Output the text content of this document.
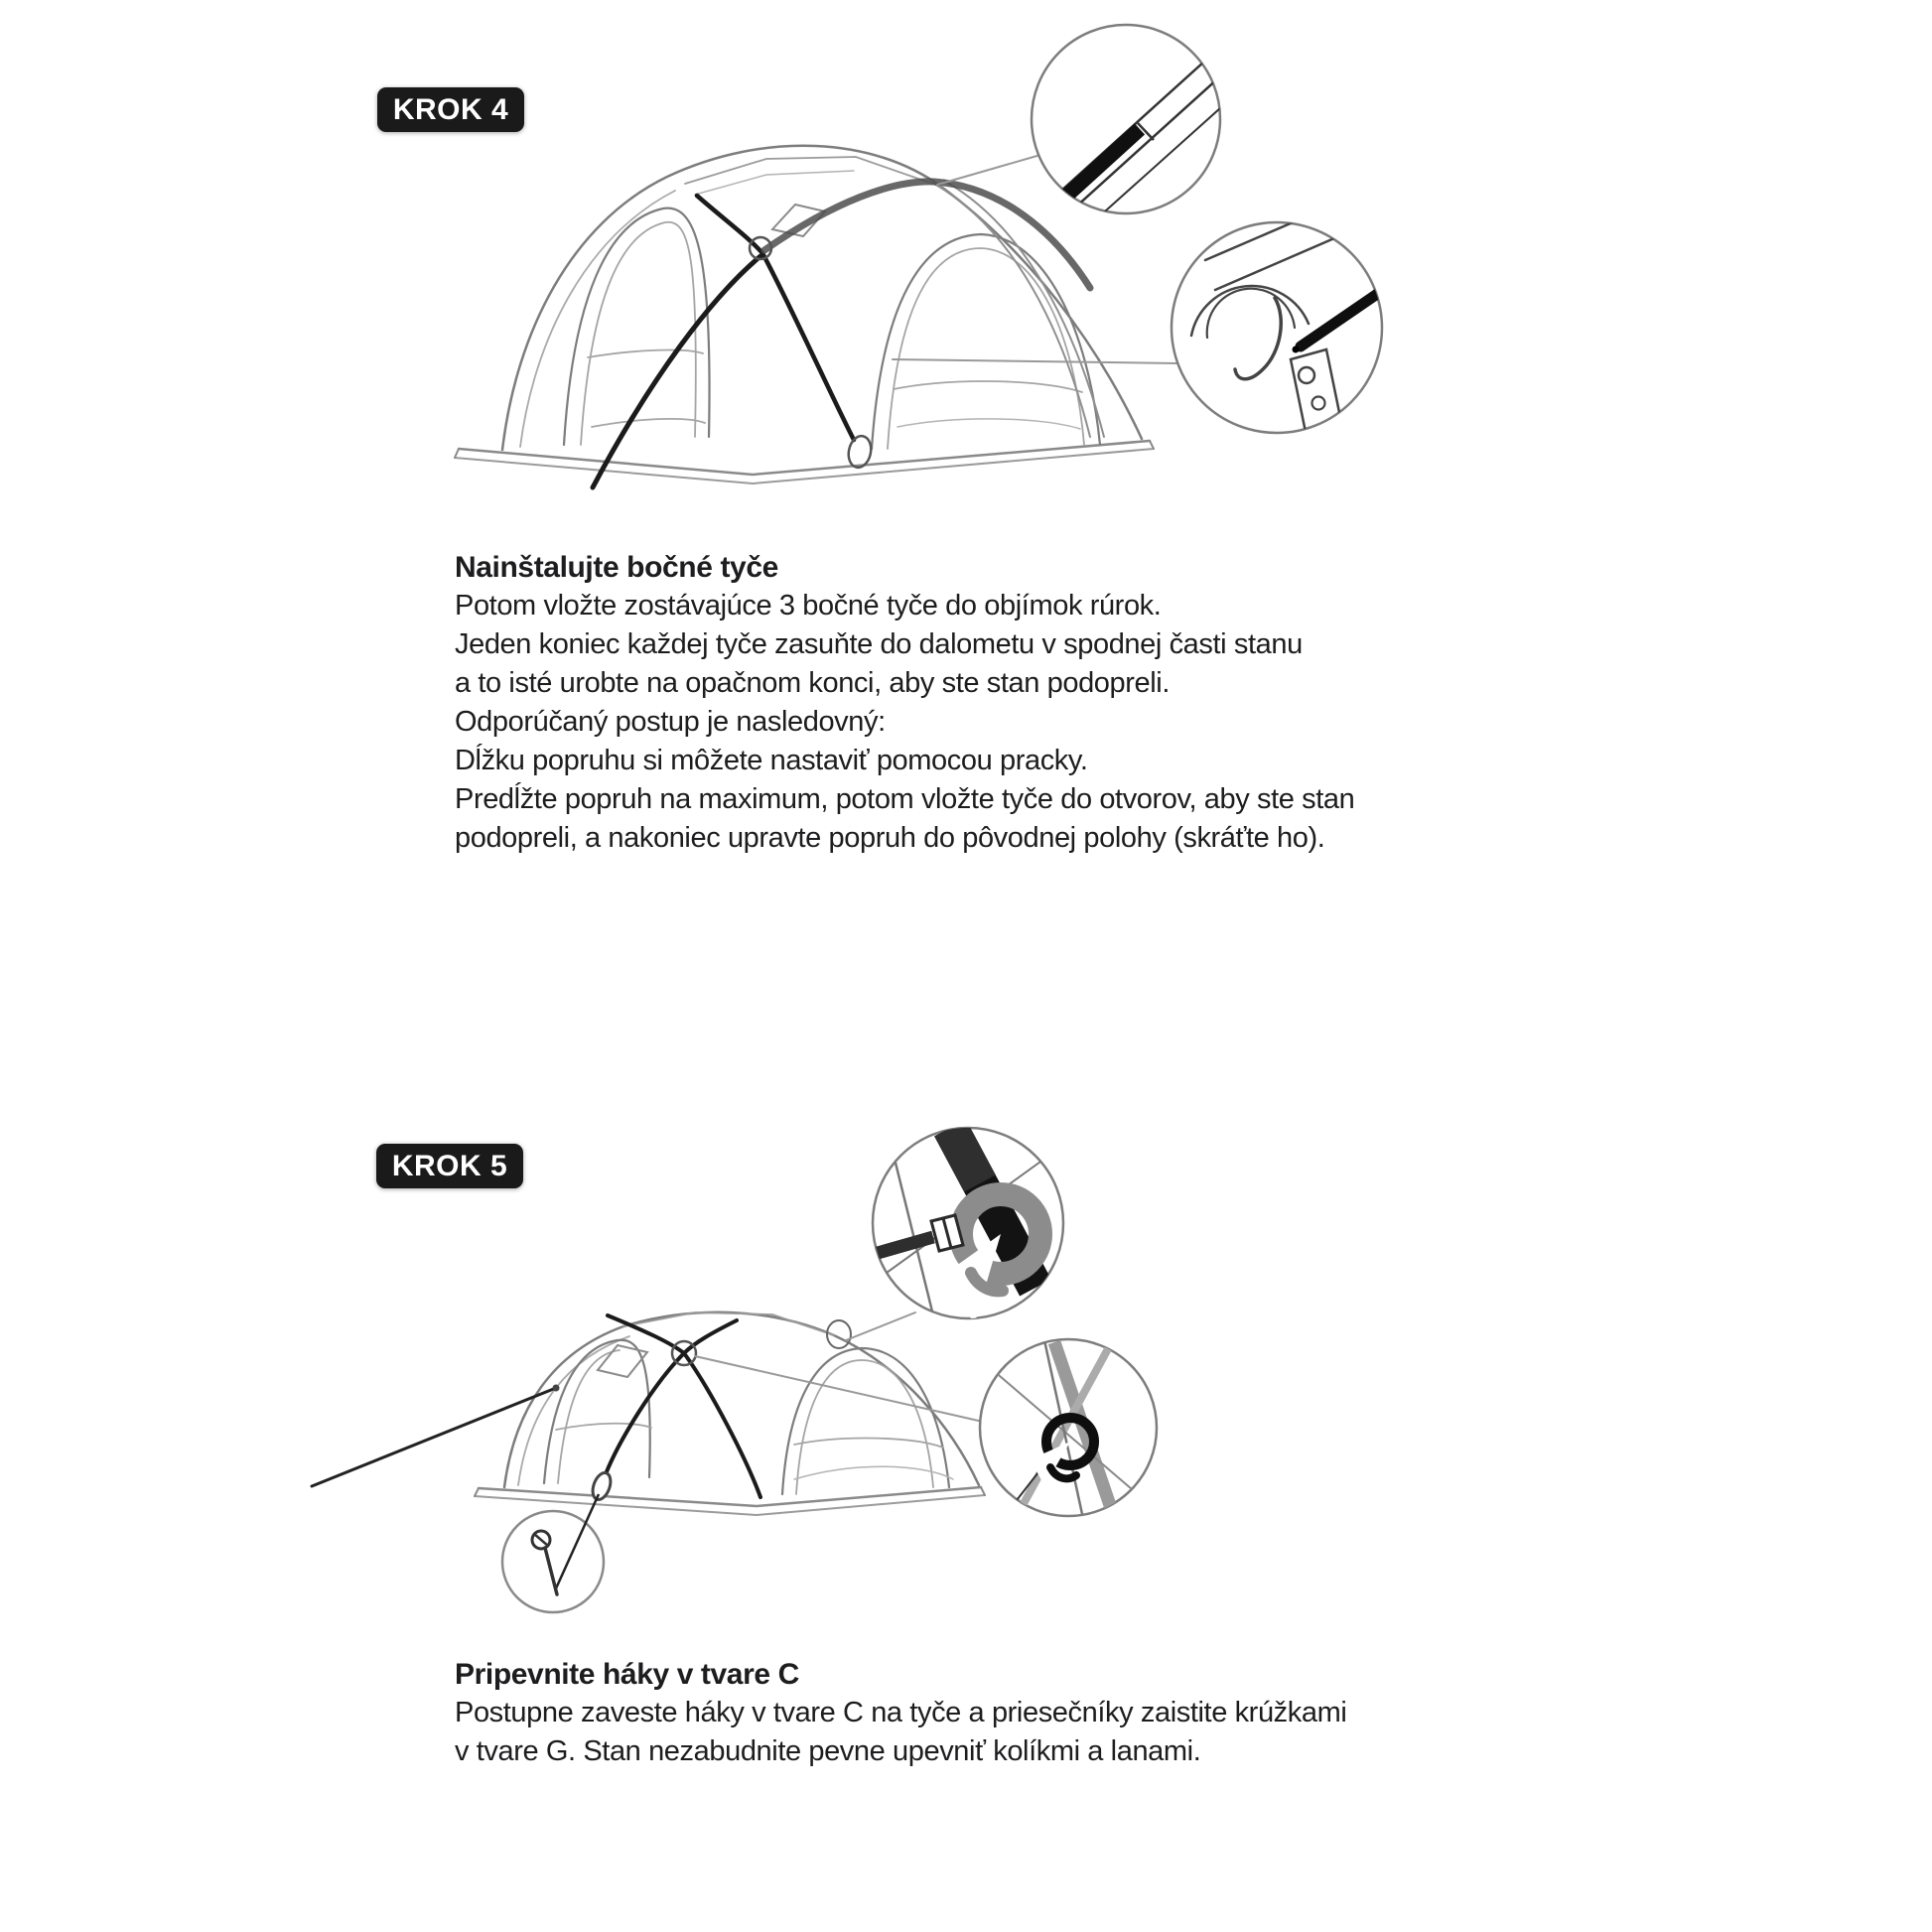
KROK 4
Nainštalujte bočné tyče
Potom vložte zostávajúce 3 bočné tyče do objímok rúrok.
Jeden koniec každej tyče zasuňte do dalometu v spodnej časti stanu
a to isté urobte na opačnom konci, aby ste stan podopreli.
Odporúčaný postup je nasledovný:
Dĺžku popruhu si môžete nastaviť pomocou pracky.
Predĺžte popruh na maximum, potom vložte tyče do otvorov, aby ste stan
podopreli, a nakoniec upravte popruh do pôvodnej polohy (skráťte ho).
KROK 5
Pripevnite háky v tvare C
Postupne zaveste háky v tvare C na tyče a priesečníky zaistite krúžkami
v tvare G. Stan nezabudnite pevne upevniť kolíkmi a lanami.
